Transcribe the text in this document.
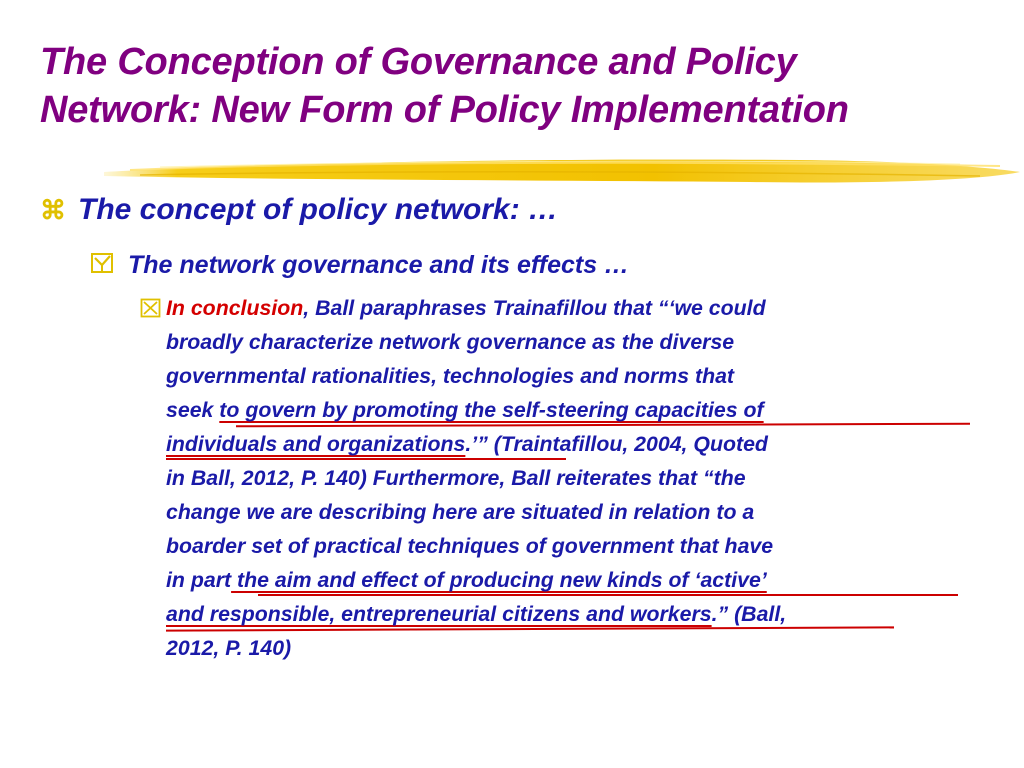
The Conception of Governance and Policy
Network: New Form of Policy Implementation
⌘ The concept of policy network: …
The network governance and its effects …
In conclusion, Ball paraphrases Trainafillou that “‘we could
broadly characterize network governance as the diverse
governmental rationalities, technologies and norms that
seek to govern by promoting the self-steering capacities of
individuals and organizations.’” (Traintafillou, 2004, Quoted
in Ball, 2012, P. 140) Furthermore, Ball reiterates that “the
change we are describing here are situated in relation to a
boarder set of practical techniques of government that have
in part the aim and effect of producing new kinds of ‘active’
and responsible, entrepreneurial citizens and workers.” (Ball,
2012, P. 140)
